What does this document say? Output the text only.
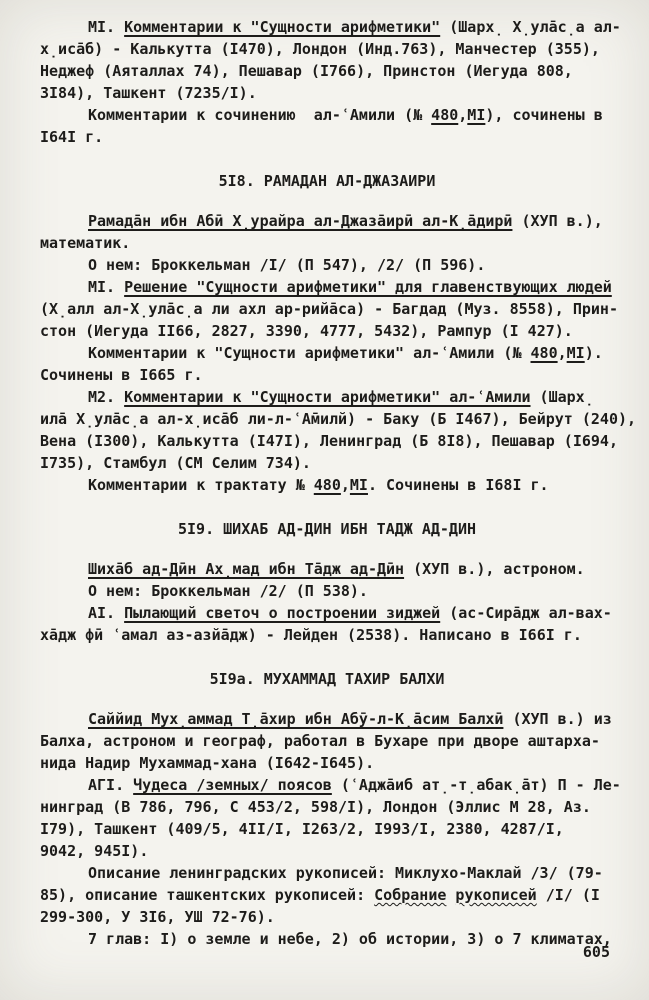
МI. Комментарии к "Сущности арифметики" (Шарх̣ Х̣ула̄с̣а ал-
х̣иса̄б) - Калькутта (I470), Лондон (Инд.763), Манчестер (355),
Неджеф (Аяталлах 74), Пешавар (I766), Принстон (Иегуда 808,
3I84), Ташкент (7235/I).
Комментарии к сочинению  ал-ʿАмили (№ 480,МI), сочинены в
I64I г.
5I8. РАМАДАН АЛ-ДЖАЗАИРИ
Рамада̄н ибн Абӣ Х̣урайра ал-Джаза̄ирӣ ал-К̣а̄дирӣ (ХУП в.),
математик.
О нем: Броккельман /I/ (П 547), /2/ (П 596).
МI. Решение "Сущности арифметики" для главенствующих людей
(Х̣алл ал-Х̣ула̄с̣а ли ахл ар-рийа̄са) - Багдад (Муз. 8558), Прин-
стон (Иегуда II66, 2827, 3390, 4777, 5432), Рампур (I 427).
Комментарии к "Сущности арифметики" ал-ʿАмили (№ 480,МI).
Сочинены в I665 г.
М2. Комментарии к "Сущности арифметики" ал-ʿАмили (Шарх̣
ила̄ Х̣ула̄с̣а ал-х̣иса̄б ли-л-ʿА̄милй) - Баку (Б I467), Бейрут (240),
Вена (I300), Калькутта (I47I), Ленинград (Б 8I8), Пешавар (I694,
I735), Стамбул (СМ Селим 734).
Комментарии к трактату № 480,МI. Сочинены в I68I г.
5I9. ШИХАБ АД-ДИН ИБН ТАДЖ АД-ДИН
Шиха̄б ад-Дӣн Ах̣мад ибн Та̄дж ад-Дӣн (ХУП в.), астроном.
О нем: Броккельман /2/ (П 538).
АI. Пылающий светоч о построении зиджей (ас-Сира̄дж ал-вах-
ха̄дж фӣ ʿамал аз-азйа̄дж) - Лейден (2538). Написано в I66I г.
5I9а. МУХАММАД ТАХИР БАЛХИ
Саййид Мух̣аммад Т̣а̄хир ибн Абӯ-л-К̣а̄сим Балхӣ (ХУП в.) из
Балха, астроном и географ, работал в Бухаре при дворе аштарха-
нида Надир Мухаммад-хана (I642-I645).
АГI. Чудеса /земных/ поясов (ʿАджа̄иб ат̣-т̣абак̣а̄т) П - Ле-
нинград (В 786, 796, С 453/2, 598/I), Лондон (Эллис М 28, Аз.
I79), Ташкент (409/5, 4II/I, I263/2, I993/I, 2380, 4287/I,
9042, 945I).
Описание ленинградских рукописей: Миклухо-Маклай /3/ (79-
85), описание ташкентских рукописей: Собрание рукописей /I/ (I
299-300, У 3I6, УШ 72-76).
7 глав: I) о земле и небе, 2) об истории, 3) о 7 климатах,
605
